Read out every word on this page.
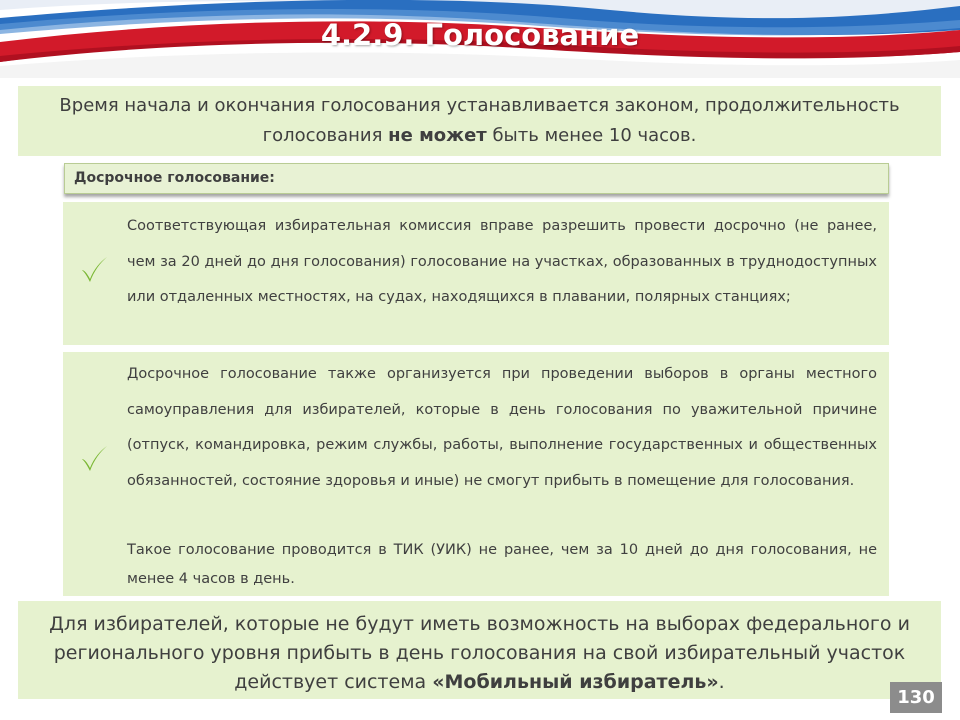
4.2.9. Голосование
Время начала и окончания голосования устанавливается законом, продолжительность
голосования не может быть менее 10 часов.
Досрочное голосование:
Соответствующая избирательная комиссия вправе разрешить провести досрочно (не ранее, чем за 20 дней до дня голосования) голосование на участках, образованных в труднодоступных или отдаленных местностях, на судах, находящихся в плавании, полярных станциях;
Досрочное голосование также организуется при проведении выборов в органы местного самоуправления для избирателей, которые в день голосования по уважительной причине (отпуск, командировка, режим службы, работы, выполнение государственных и общественных обязанностей, состояние здоровья и иные) не смогут прибыть в помещение для голосования.
Такое голосование проводится в ТИК (УИК) не ранее, чем за 10 дней до дня голосования, не менее 4 часов в день.
Для избирателей, которые не будут иметь возможность на выборах федерального и регионального уровня прибыть в день голосования на свой избирательный участок действует система «Мобильный избиратель».
130
